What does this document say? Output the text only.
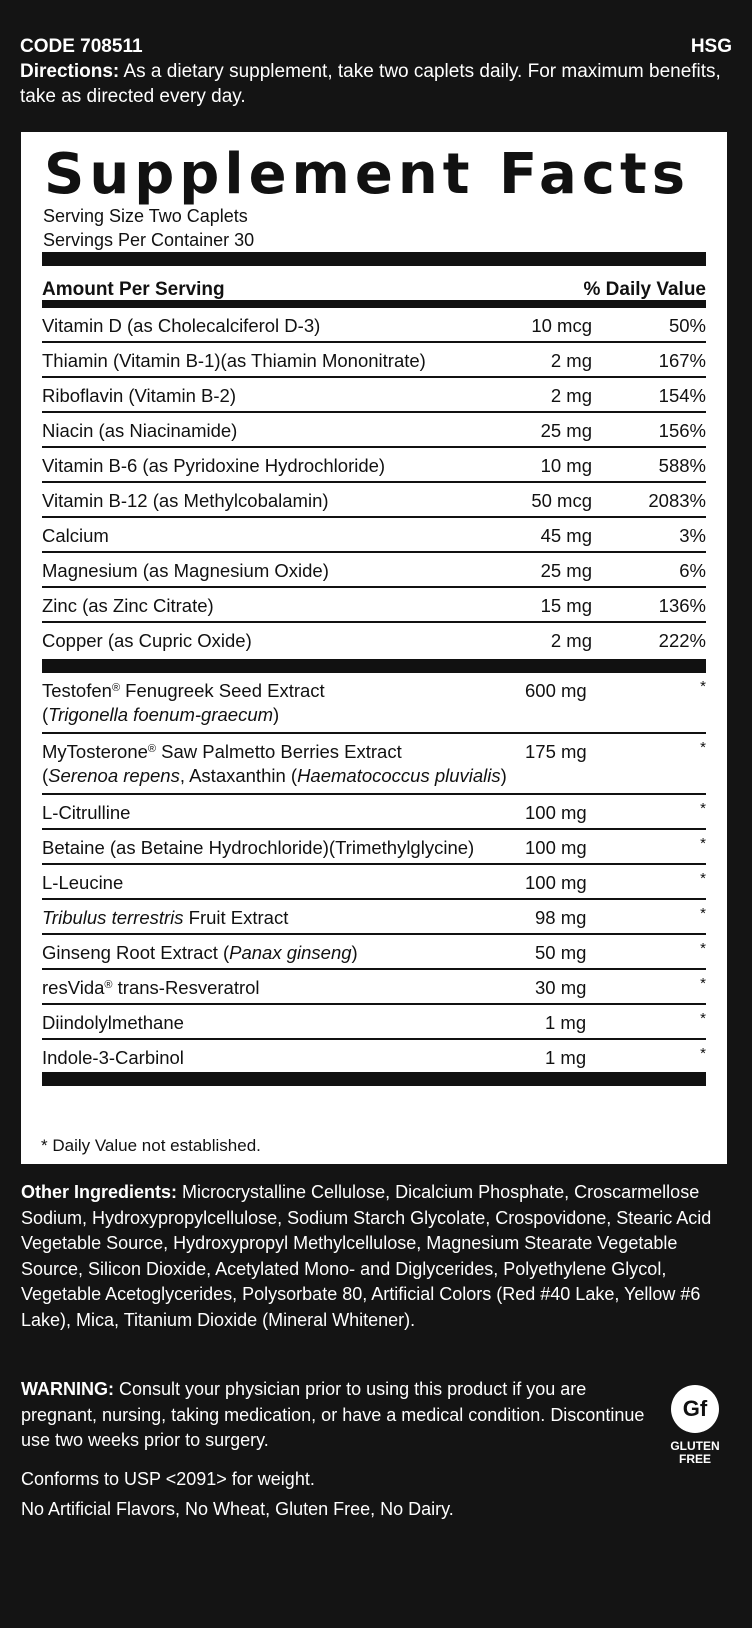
CODE 708511	HSG
Directions: As a dietary supplement, take two caplets daily. For maximum benefits, take as directed every day.
Supplement Facts
Serving Size Two Caplets
Servings Per Container 30
Amount Per Serving	% Daily Value
Vitamin D (as Cholecalciferol D-3)	10 mcg	50%
Thiamin (Vitamin B-1)(as Thiamin Mononitrate)	2 mg	167%
Riboflavin (Vitamin B-2)	2 mg	154%
Niacin (as Niacinamide)	25 mg	156%
Vitamin B-6 (as Pyridoxine Hydrochloride)	10 mg	588%
Vitamin B-12 (as Methylcobalamin)	50 mcg	2083%
Calcium	45 mg	3%
Magnesium (as Magnesium Oxide)	25 mg	6%
Zinc (as Zinc Citrate)	15 mg	136%
Copper (as Cupric Oxide)	2 mg	222%
Testofen® Fenugreek Seed Extract
(Trigonella foenum-graecum)
600 mg	*
MyTosterone® Saw Palmetto Berries Extract
(Serenoa repens, Astaxanthin (Haematococcus pluvialis)
175 mg	*
L-Citrulline	100 mg	*
Betaine (as Betaine Hydrochloride)(Trimethylglycine)	100 mg	*
L-Leucine	100 mg	*
Tribulus terrestris Fruit Extract	98 mg	*
Ginseng Root Extract (Panax ginseng)	50 mg	*
resVida® trans-Resveratrol	30 mg	*
Diindolylmethane	1 mg	*
Indole-3-Carbinol	1 mg	*
* Daily Value not established.
Other Ingredients: Microcrystalline Cellulose, Dicalcium Phosphate, Croscarmellose Sodium, Hydroxypropylcellulose, Sodium Starch Glycolate, Crospovidone, Stearic Acid Vegetable Source, Hydroxypropyl Methylcellulose, Magnesium Stearate Vegetable Source, Silicon Dioxide, Acetylated Mono- and Diglycerides, Polyethylene Glycol, Vegetable Acetoglycerides, Polysorbate 80, Artificial Colors (Red #40 Lake, Yellow #6 Lake), Mica, Titanium Dioxide (Mineral Whitener).
WARNING: Consult your physician prior to using this product if you are pregnant, nursing, taking medication, or have a medical condition. Discontinue use two weeks prior to surgery.
Conforms to USP <2091> for weight.
No Artificial Flavors, No Wheat, Gluten Free, No Dairy.
Gf
GLUTEN
FREE
